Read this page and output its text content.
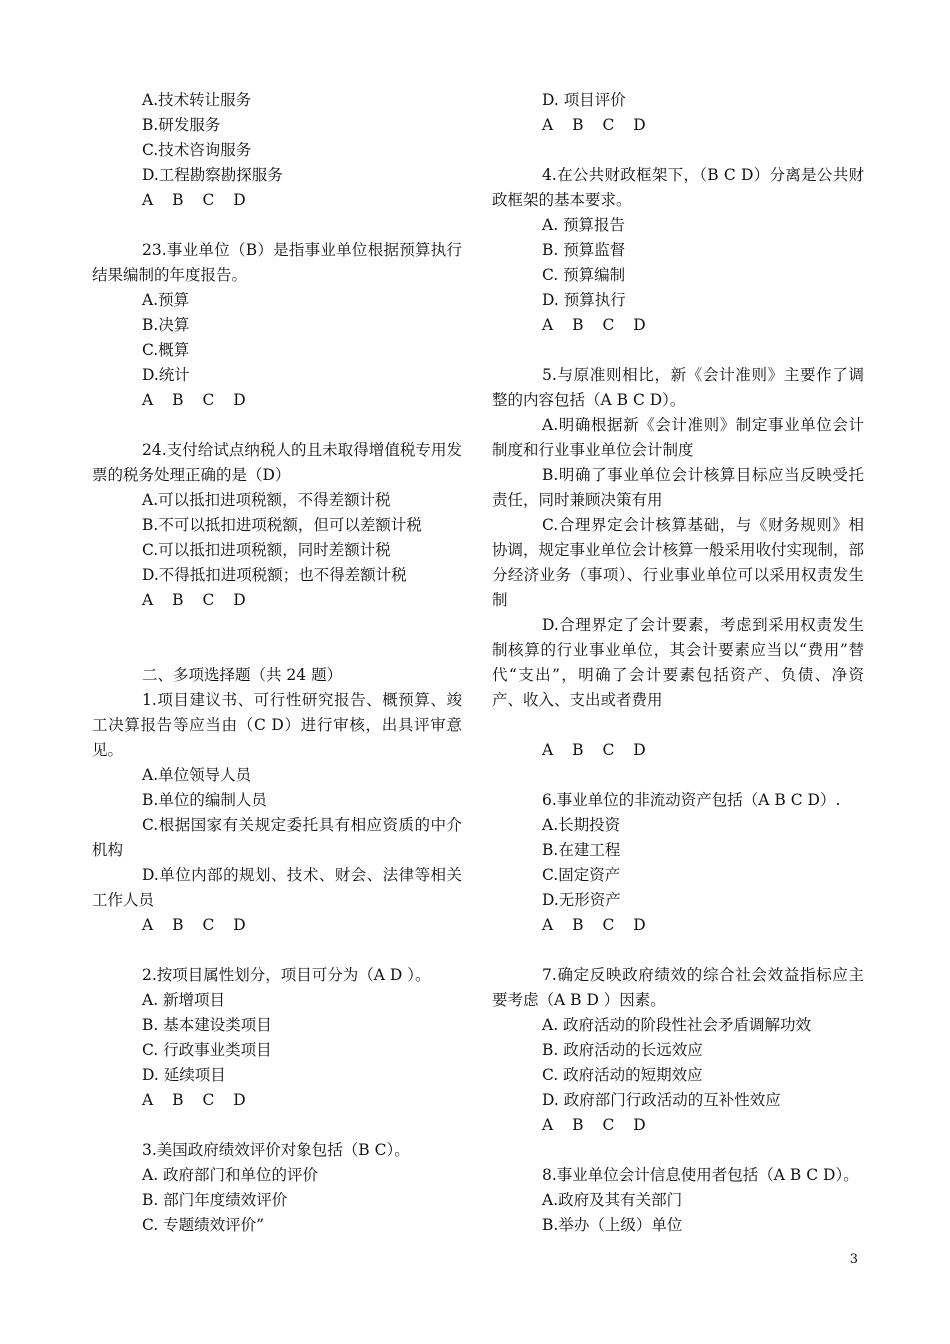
A.技术转让服务
B.研发服务
C.技术咨询服务
D.工程勘察勘探服务
A B C D
23.事业单位（B）是指事业单位根据预算执行结果编制的年度报告。
A.预算
B.决算
C.概算
D.统计
A B C D
24.支付给试点纳税人的且未取得增值税专用发票的税务处理正确的是（D）
A.可以抵扣进项税额，不得差额计税
B.不可以抵扣进项税额，但可以差额计税
C.可以抵扣进项税额，同时差额计税
D.不得抵扣进项税额；也不得差额计税
A B C D
二、多项选择题（共 24 题）
1.项目建议书、可行性研究报告、概预算、竣工决算报告等应当由（C D）进行审核，出具评审意见。
A.单位领导人员
B.单位的编制人员
C.根据国家有关规定委托具有相应资质的中介机构
D.单位内部的规划、技术、财会、法律等相关工作人员
A B C D
2.按项目属性划分，项目可分为（A D ）。
A. 新增项目
B. 基本建设类项目
C. 行政事业类项目
D. 延续项目
A B C D
3.美国政府绩效评价对象包括（B C）。
A. 政府部门和单位的评价
B. 部门年度绩效评价
C. 专题绩效评价”
D. 项目评价
A B C D
4.在公共财政框架下，（B C D）分离是公共财政框架的基本要求。
A. 预算报告
B. 预算监督
C. 预算编制
D. 预算执行
A B C D
5.与原准则相比，新《会计准则》主要作了调整的内容包括（A B C D）。
A.明确根据新《会计准则》制定事业单位会计制度和行业事业单位会计制度
B.明确了事业单位会计核算目标应当反映受托责任，同时兼顾决策有用
C.合理界定会计核算基础，与《财务规则》相协调，规定事业单位会计核算一般采用收付实现制，部分经济业务（事项）、行业事业单位可以采用权责发生制
D.合理界定了会计要素，考虑到采用权责发生制核算的行业事业单位，其会计要素应当以“费用”替代“支出”，明确了会计要素包括资产、负债、净资产、收入、支出或者费用
A B C D
6.事业单位的非流动资产包括（A B C D）.
A.长期投资
B.在建工程
C.固定资产
D.无形资产
A B C D
7.确定反映政府绩效的综合社会效益指标应主要考虑（A B D ）因素。
A. 政府活动的阶段性社会矛盾调解功效
B. 政府活动的长远效应
C. 政府活动的短期效应
D. 政府部门行政活动的互补性效应
A B C D
8.事业单位会计信息使用者包括（A B C D）。
A.政府及其有关部门
B.举办（上级）单位
3
